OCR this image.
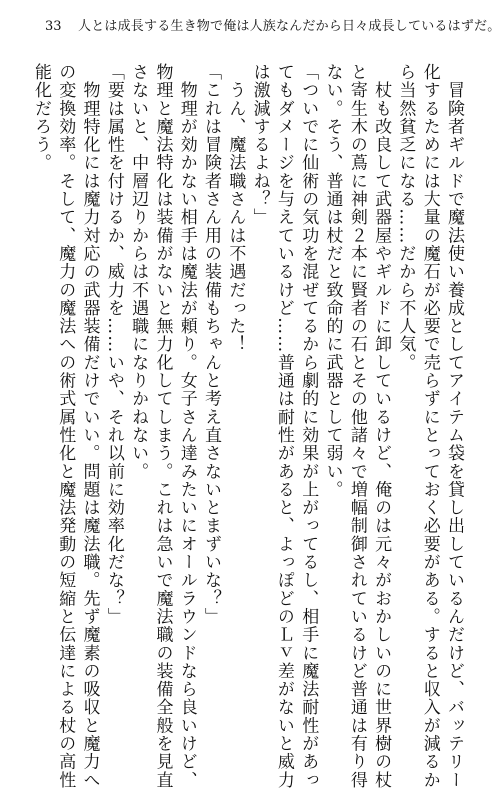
33 人とは成長する生き物で俺は人族なんだから日々成長しているはずだ。
　冒険者ギルドで魔法使い養成としてアイテム袋を貸し出しているんだけど、バッテリー
化するためには大量の魔石が必要で売らずにとっておく必要がある。すると収入が減るか
ら当然貧乏になる……だから不人気。
　杖も改良して武器屋やギルドに卸しているけど、俺のは元々がおかしいのに世界樹の杖
と寄生木の蔦に神剣２本に賢者の石とその他諸々で増幅制御されているけど普通は有り得
ない。そう、普通は杖だと致命的に武器として弱い。
「ついでに仙術の気功を混ぜてるから劇的に効果が上がってるし、相手に魔法耐性があっ
てもダメージを与えているけど……普通は耐性があると、よっぽどのＬｖ差がないと威力
は激減するよね？」
　うん、魔法職さんは不遇だった！
「これは冒険者さん用の装備もちゃんと考え直さないとまずいな？」
　物理が効かない相手は魔法が頼り。女子さん達みたいにオールラウンドなら良いけど、
物理と魔法特化は装備がないと無力化してしまう。これは急いで魔法職の装備全般を見直
さないと、中層辺りからは不遇職になりかねない。
「要は属性を付けるか、威力を……いや、それ以前に効率化だな？」
　物理特化には魔力対応の武器装備だけでいい。問題は魔法職。先ず魔素の吸収と魔力へ
の変換効率。そして、魔力の魔法への術式属性化と魔法発動の短縮と伝達による杖の高性
能化だろう。
